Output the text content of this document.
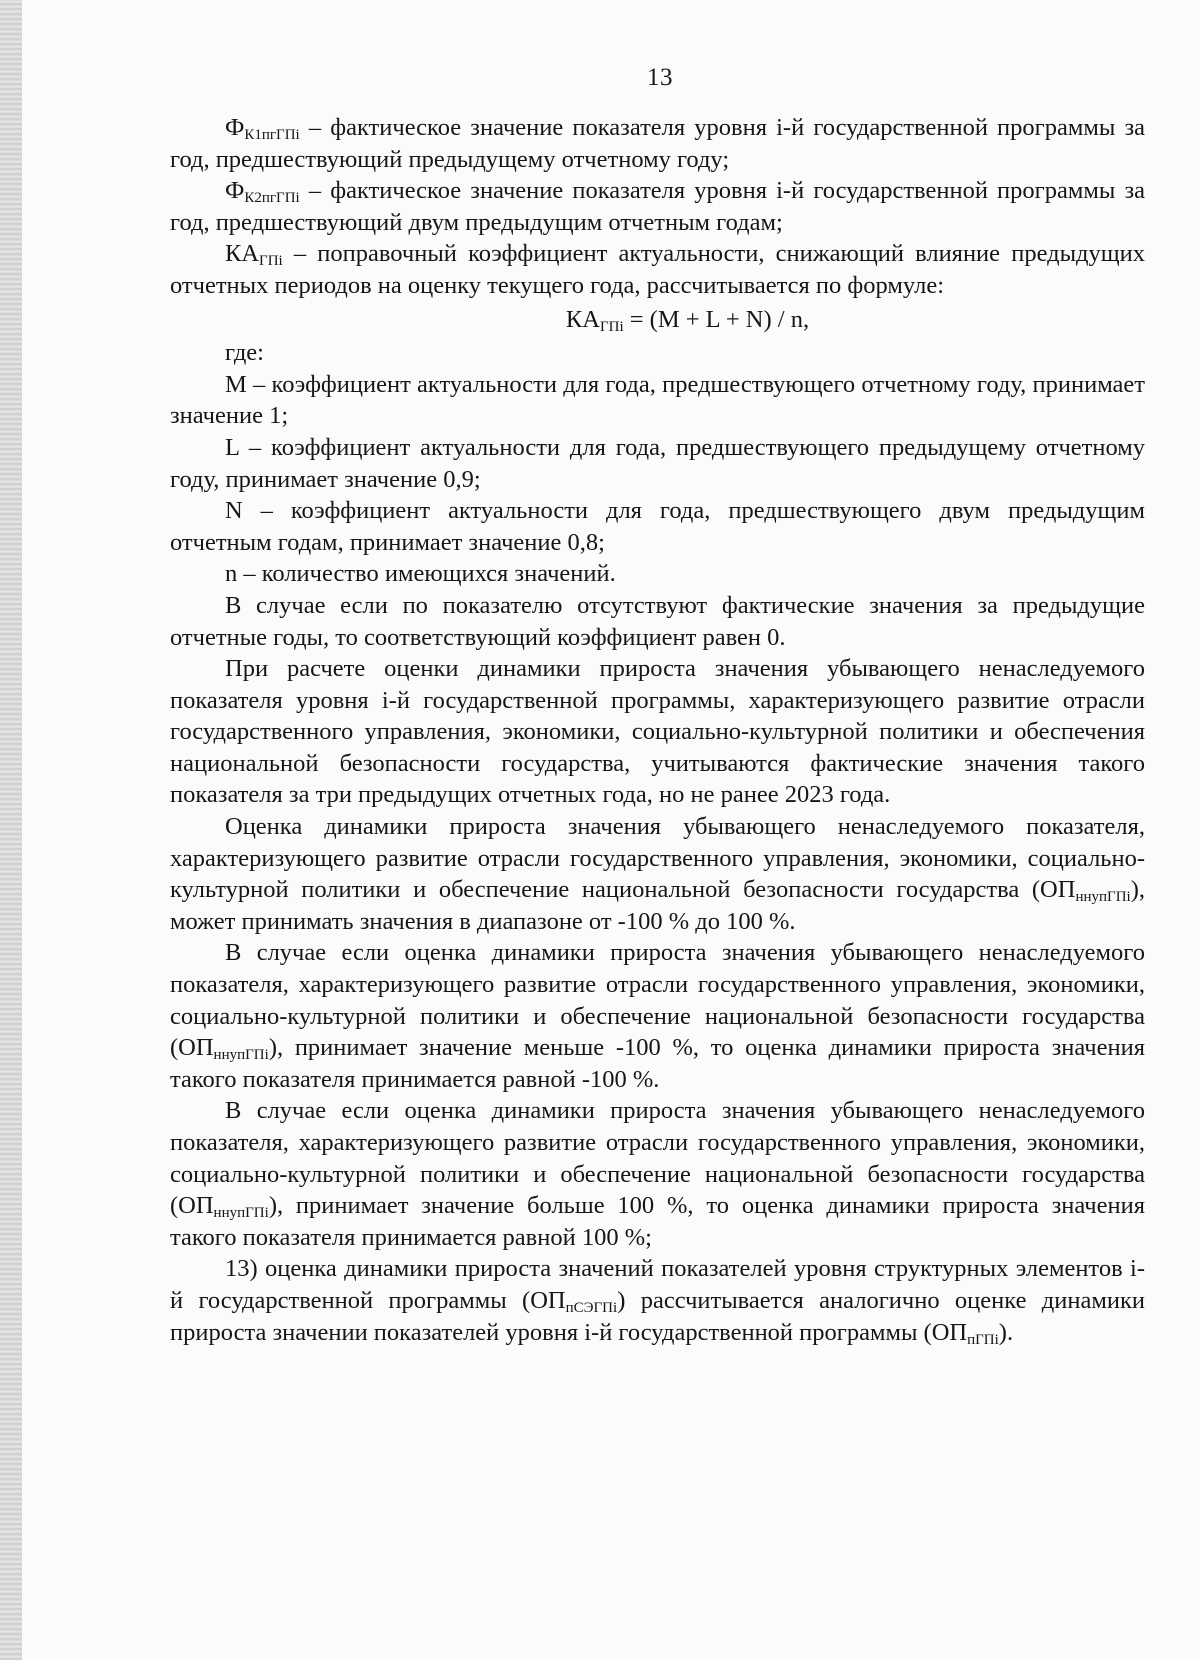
13

$Ф_{К1пгГПi}$ – фактическое значение показателя уровня i-й государственной программы за год, предшествующий предыдущему отчетному году;

$Ф_{К2пгГПi}$ – фактическое значение показателя уровня i-й государственной программы за год, предшествующий двум предыдущим отчетным годам;

$КА_{ГПi}$ – поправочный коэффициент актуальности, снижающий влияние предыдущих отчетных периодов на оценку текущего года, рассчитывается по формуле:

$КА_{ГПi} = (M + L + N) / n$,

где:

M – коэффициент актуальности для года, предшествующего отчетному году, принимает значение 1;

L – коэффициент актуальности для года, предшествующего предыдущему отчетному году, принимает значение 0,9;

N – коэффициент актуальности для года, предшествующего двум предыдущим отчетным годам, принимает значение 0,8;

n – количество имеющихся значений.

В случае если по показателю отсутствуют фактические значения за предыдущие отчетные годы, то соответствующий коэффициент равен 0.

При расчете оценки динамики прироста значения убывающего ненаследуемого показателя уровня i-й государственной программы, характеризующего развитие отрасли государственного управления, экономики, социально-культурной политики и обеспечения национальной безопасности государства, учитываются фактические значения такого показателя за три предыдущих отчетных года, но не ранее 2023 года.

Оценка динамики прироста значения убывающего ненаследуемого показателя, характеризующего развитие отрасли государственного управления, экономики, социально-культурной политики и обеспечение национальной безопасности государства $(ОП_{ннупГПi})$, может принимать значения в диапазоне от -100 % до 100 %.

В случае если оценка динамики прироста значения убывающего ненаследуемого показателя, характеризующего развитие отрасли государственного управления, экономики, социально-культурной политики и обеспечение национальной безопасности государства $(ОП_{ннупГПi})$, принимает значение меньше -100 %, то оценка динамики прироста значения такого показателя принимается равной -100 %.

В случае если оценка динамики прироста значения убывающего ненаследуемого показателя, характеризующего развитие отрасли государственного управления, экономики, социально-культурной политики и обеспечение национальной безопасности государства $(ОП_{ннупГПi})$, принимает значение больше 100 %, то оценка динамики прироста значения такого показателя принимается равной 100 %;

13) оценка динамики прироста значений показателей уровня структурных элементов i-й государственной программы $(ОП_{пСЭГПi})$ рассчитывается аналогично оценке динамики прироста значении показателей уровня i-й государственной программы $(ОП_{пГПi})$.
